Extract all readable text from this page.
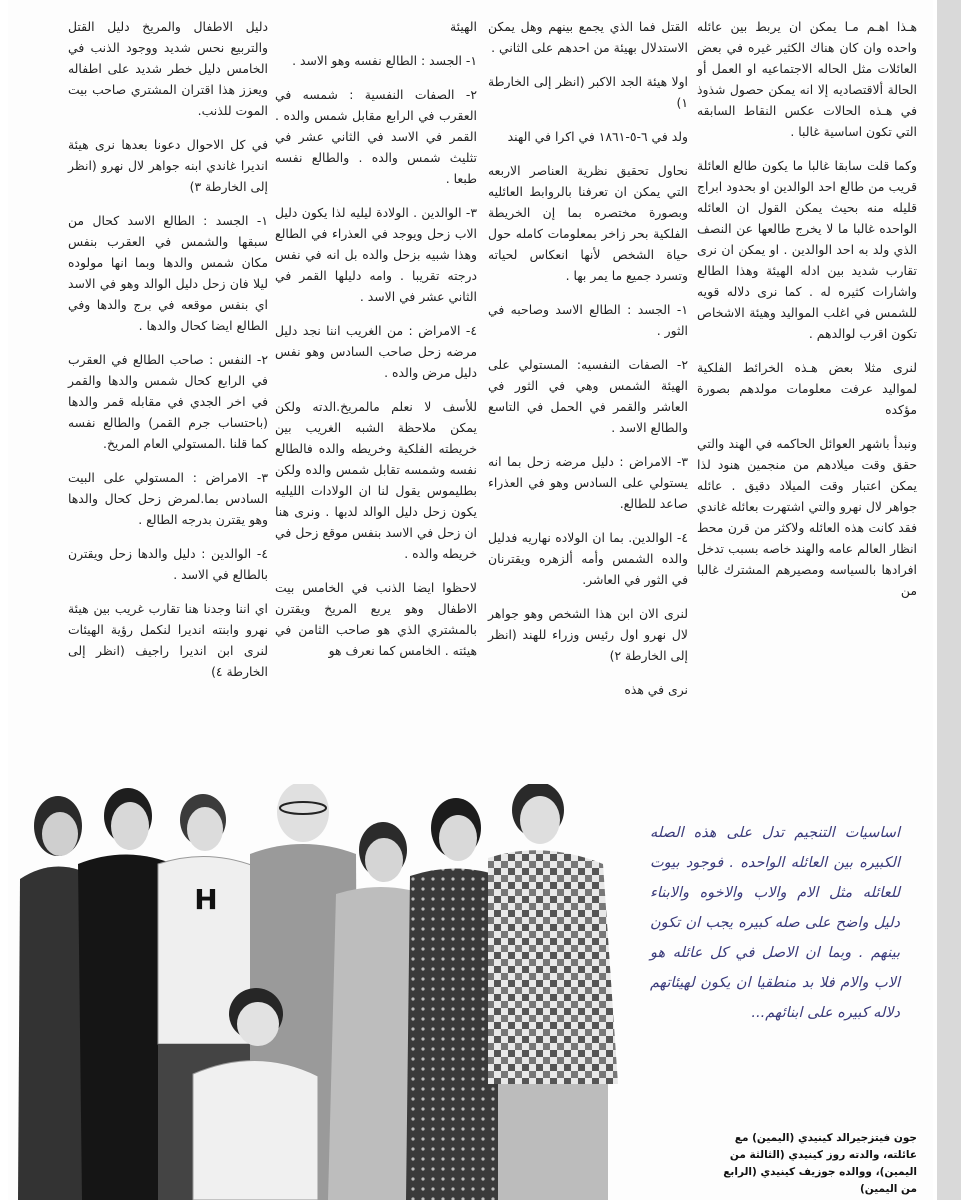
هـذا اهـم مـا يمكن ان يربط بين عائله واحده وان كان هناك الكثير غيره في بعض العائلات مثل الحاله الاجتماعيه او العمل أو الحالة ألاقتصاديه إلا انه يمكن حصول شذوذ في هـذه الحالات عكس النقاط السابقه التي تكون اساسية غالبا .

وكما قلت سابقا غالبا ما يكون طالع العائلة قريب من طالع احد الوالدين او بحدود ابراج قليله منه بحيث يمكن القول ان العائله الواحده غالبا ما لا يخرج طالعها عن النصف الذي ولد به احد الوالدين . او يمكن ان نرى تقارب شديد بين ادله الهيئة وهذا الطالع واشارات كثيره له . كما نرى دلاله قويه للشمس في اغلب المواليد وهيئة الاشخاص تكون اقرب لوالدهم .

لنرى مثلا بعض هـذه الخرائط الفلكية لمواليد عرفت معلومات مولدهم بصورة مؤكده

ونبدأ باشهر العوائل الحاكمه في الهند والتي حقق وقت ميلادهم من منجمين هنود لذا يمكن اعتبار وقت الميلاد دقيق . عائله جواهر لال نهرو والتي اشتهرت بعائله غاندي فقد كانت هذه العائله ولاكثر من قرن محط انظار العالم عامه والهند خاصه بسبب تدخل افرادها بالسياسه ومصيرهم المشترك غالبا من

القتل فما الذي يجمع بينهم وهل يمكن الاستدلال بهيئة من احدهم على الثاني .

اولا هيئة الجد الاكبر (انظر إلى الخارطة ١)

ولد في ٦-٥-١٨٦١ في اكرا في الهند

نحاول تحقيق نظرية العناصر الاربعه التي يمكن ان تعرفنا بالروابط العائليه وبصورة مختصره بما إن الخريطة الفلكية بحر زاخر بمعلومات كامله حول حياة الشخص لأنها انعكاس لحياته وتسرد جميع ما يمر بها .

١- الجسد : الطالع الاسد وصاحبه في الثور .

٢- الصفات النفسيه: المستولي على الهيئة الشمس وهي في الثور في العاشر والقمر في الحمل في التاسع والطالع الاسد .

٣- الامراض : دليل مرضه زحل بما انه يستولي على السادس وهو في العذراء صاعد للطالع.

٤- الوالدين. بما ان الولاده نهاريه فدليل والده الشمس وأمه ألزهره ويقترنان في الثور في العاشر.

لنرى الان ابن هذا الشخص وهو جواهر لال نهرو اول رئيس وزراء للهند (انظر إلى الخارطة ٢)

نرى في هذه

الهيئة

١- الجسد : الطالع نفسه وهو الاسد .

٢- الصفات النفسية : شمسه في العقرب في الرابع مقابل شمس والده . القمر في الاسد في الثاني عشر في تثليث شمس والده . والطالع نفسه طبعا .

٣- الوالدين . الولادة ليليه لذا يكون دليل الاب زحل ويوجد في العذراء في الطالع وهذا شبيه بزحل والده بل انه في نفس درجته تقريبا . وامه دليلها القمر في الثاني عشر في الاسد .

٤- الامراض : من الغريب اننا نجد دليل مرضه زحل صاحب السادس وهو نفس دليل مرض والده .

للأسف لا نعلم مالمريخ.الدته ولكن يمكن ملاحظة الشبه الغريب بين خريطته الفلكية وخريطه والده فالطالع نفسه وشمسه تقابل شمس والده ولكن بطليموس يقول لنا ان الولادات الليليه يكون زحل دليل الوالد لدبها . ونرى هنا ان زحل في الاسد بنفس موقع زحل في خريطه والده .

لاحظوا ايضا الذنب في الخامس بيت الاطفال وهو يربع المريخ ويقترن بالمشتري الذي هو صاحب الثامن في هيئته . الخامس كما نعرف هو

دليل الاطفال والمريخ دليل القتل والتربيع نحس شديد ووجود الذنب في الخامس دليل خطر شديد على اطفاله ويعزز هذا اقتران المشتري صاحب بيت الموت للذنب.

في كل الاحوال دعونا بعدها نرى هيئة انديرا غاندي ابنه جواهر لال نهرو (انظر إلى الخارطة ٣)

١- الجسد : الطالع الاسد كحال من سبقها والشمس في العقرب بنفس مكان شمس والدها وبما انها مولوده ليلا فان زحل دليل الوالد وهو في الاسد اي بنفس موقعه في برج والدها وفي الطالع ايضا كحال والدها .

٢- النفس : صاحب الطالع في العقرب في الرابع كحال شمس والدها والقمر في اخر الجدي في مقابله قمر والدها (باحتساب جرم القمر) والطالع نفسه كما قلنا .المستولي العام المريخ.

٣- الامراض : المستولي على البيت السادس بما.لمرض زحل كحال والدها وهو يقترن بدرجه الطالع .

٤- الوالدين : دليل والدها زحل ويقترن بالطالع في الاسد .

اي اننا وجدنا هنا تقارب غريب بين هيئة نهرو وابنته انديرا لنكمل رؤية الهيئات لنرى ابن انديرا راجيف (انظر إلى الخارطة ٤)

H
اساسيات التنجيم تدل على هذه الصله الكبيره بين العائله الواحده . فوجود بيوت للعائله مثل الام والاب والاخوه والابناء دليل واضح على صله كبيره يجب ان تكون بينهم . وبما ان الاصل في كل عائله هو الاب والام فلا بد منطقيا ان يكون لهيئاتهم دلاله كبيره على ابنائهم...
جون فيتزجيرالد كينيدي (اليمين) مع عائلته، والدته روز كينيدي (الثالثة من اليمين)، ووالده جوزيف كينيدي (الرابع من اليمين)
